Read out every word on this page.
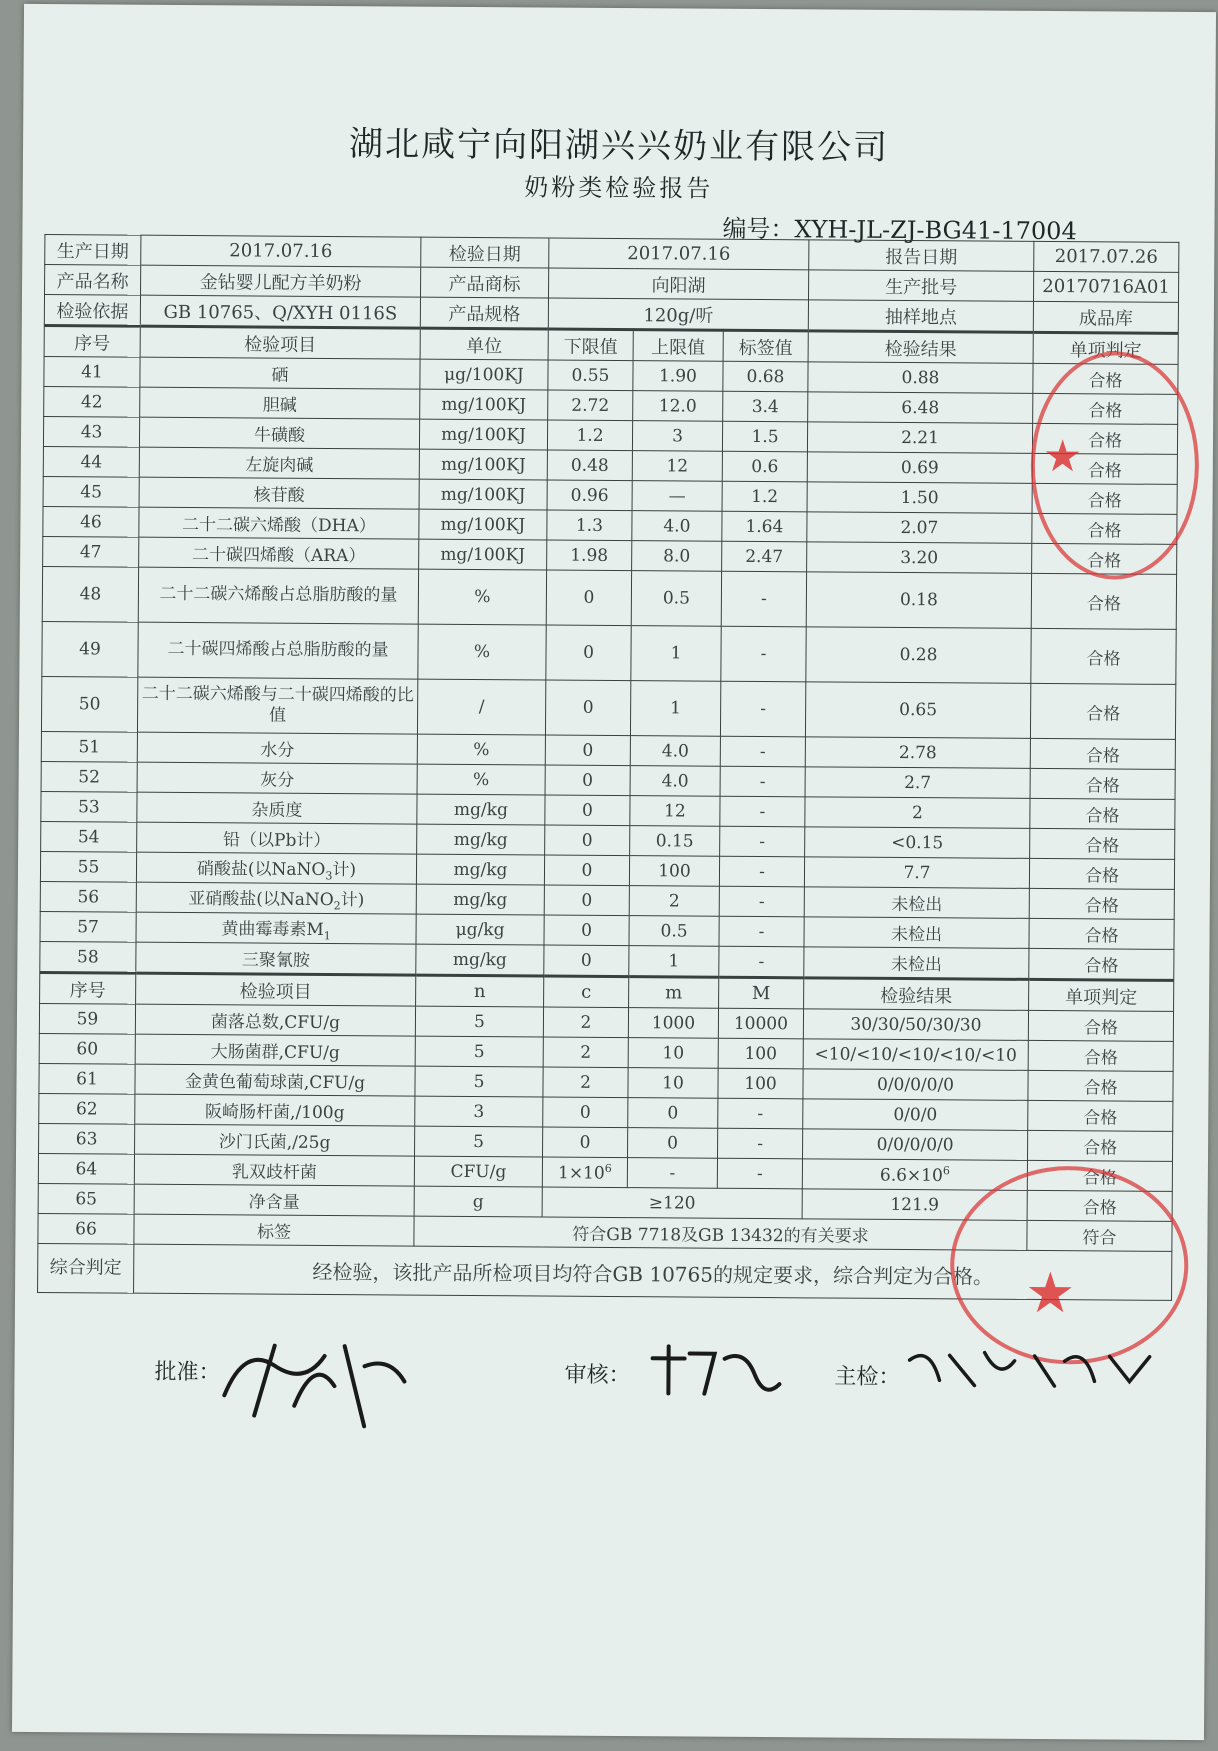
湖北咸宁向阳湖兴兴奶业有限公司
奶粉类检验报告
编号：XYH-JL-ZJ-BG41-17004
生产日期	2017.07.16	检验日期	2017.07.16			报告日期	2017.07.26
产品名称	金钻婴儿配方羊奶粉	产品商标	向阳湖			生产批号	20170716A01
检验依据	GB 10765、Q/XYH 0116S	产品规格	120g/听			抽样地点	成品库
序号	检验项目	单位	下限值	上限值	标签值	检验结果	单项判定
41	硒	μg/100KJ	0.55	1.90	0.68	0.88	合格
42	胆碱	mg/100KJ	2.72	12.0	3.4	6.48	合格
43	牛磺酸	mg/100KJ	1.2	3	1.5	2.21	合格
44	左旋肉碱	mg/100KJ	0.48	12	0.6	0.69	合格
45	核苷酸	mg/100KJ	0.96	—	1.2	1.50	合格
46	二十二碳六烯酸（DHA）	mg/100KJ	1.3	4.0	1.64	2.07	合格
47	二十碳四烯酸（ARA）	mg/100KJ	1.98	8.0	2.47	3.20	合格
48	二十二碳六烯酸占总脂肪酸的量	%	0	0.5	-	0.18	合格
49	二十碳四烯酸占总脂肪酸的量	%	0	1	-	0.28	合格
50	二十二碳六烯酸与二十碳四烯酸的比值	/	0	1	-	0.65	合格
51	水分	%	0	4.0	-	2.78	合格
52	灰分	%	0	4.0	-	2.7	合格
53	杂质度	mg/kg	0	12	-	2	合格
54	铅（以Pb计）	mg/kg	0	0.15	-	<0.15	合格
55	硝酸盐(以NaNO$_3$计)	mg/kg	0	100	-	7.7	合格
56	亚硝酸盐(以NaNO$_2$计)	mg/kg	0	2	-	未检出	合格
57	黄曲霉毒素$M_1$	μg/kg	0	0.5	-	未检出	合格
58	三聚氰胺	mg/kg	0	1	-	未检出	合格
序号	检验项目	n	c	m	M	检验结果	单项判定
59	菌落总数,CFU/g	5	2	1000	10000	30/30/50/30/30	合格
60	大肠菌群,CFU/g	5	2	10	100	<10/<10/<10/<10/<10	合格
61	金黄色葡萄球菌,CFU/g	5	2	10	100	0/0/0/0/0	合格
62	阪崎肠杆菌,/100g	3	0	0	-	0/0/0	合格
63	沙门氏菌,/25g	5	0	0	-	0/0/0/0/0	合格
64	乳双歧杆菌	CFU/g	$1\times 10^6$	-	-	$6.6\times 10^6$	合格
65	净含量	g	≥120			121.9	合格
66	标签	符合GB 7718及GB 13432的有关要求					符合
综合判定	经检验，该批产品所检项目均符合GB 10765的规定要求，综合判定为合格。						
★
★
批准：	审核：	主检：
